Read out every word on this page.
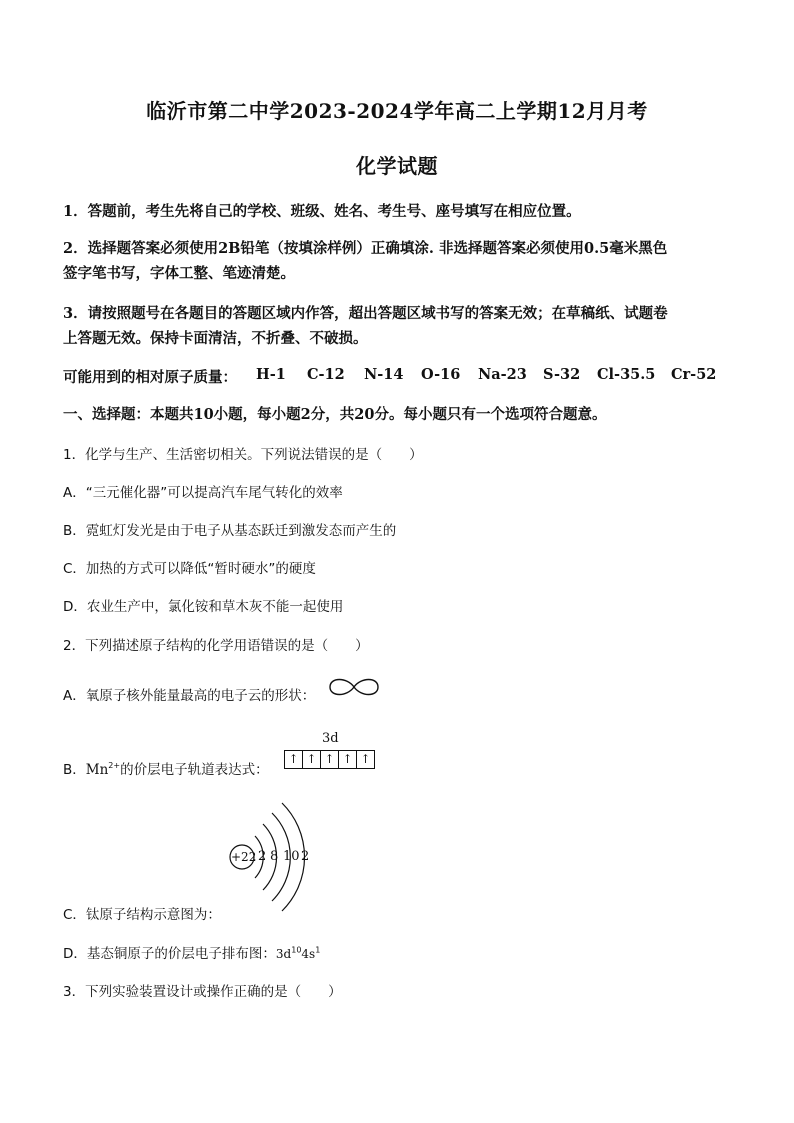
临沂市第二中学2023-2024学年高二上学期12月月考
化学试题
1．答题前，考生先将自己的学校、班级、姓名、考生号、座号填写在相应位置。
2．选择题答案必须使用2B铅笔（按填涂样例）正确填涂. 非选择题答案必须使用0.5毫米黑色
签字笔书写，字体工整、笔迹清楚。
3．请按照题号在各题目的答题区域内作答，超出答题区域书写的答案无效；在草稿纸、试题卷
上答题无效。保持卡面清洁，不折叠、不破损。
可能用到的相对原子质量： H-1 C-12 N-14 O-16 Na-23 S-32 Cl-35.5 Cr-52
一、选择题：本题共10小题，每小题2分，共20分。每小题只有一个选项符合题意。
1．化学与生产、生活密切相关。下列说法错误的是（　　）
A．“三元催化器”可以提高汽车尾气转化的效率
B．霓虹灯发光是由于电子从基态跃迁到激发态而产生的
C．加热的方式可以降低“暂时硬水”的硬度
D．农业生产中，氯化铵和草木灰不能一起使用
2．下列描述原子结构的化学用语错误的是（　　）
A．氧原子核外能量最高的电子云的形状：
B．$Mn^{2+}$的价层电子轨道表达式：
3d
↑ ↑ ↑ ↑ ↑
+22 2 8 10 2
C．钛原子结构示意图为：
D．基态铜原子的价层电子排布图：$3d^{10}4s^1$
3．下列实验装置设计或操作正确的是（　　）
